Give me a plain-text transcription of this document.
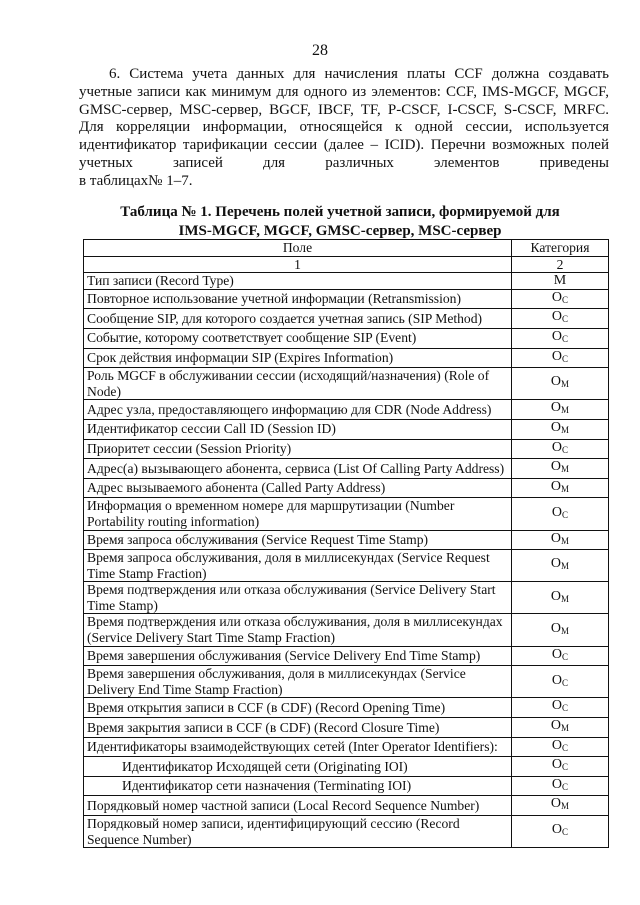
28
6. Система учета данных для начисления платы CCF должна создавать
учетные записи как минимум для одного из элементов: CCF, IMS-MGCF, MGCF,
GMSC-сервер, MSC-сервер, BGCF, IBCF, TF, P-CSCF, I-CSCF, S-CSCF, MRFC.
Для корреляции информации, относящейся к одной сессии, используется
идентификатор тарификации сессии (далее – ICID). Перечни возможных полей
учетных записей для различных элементов приведены
в таблицах№ 1–7.
Таблица № 1. Перечень полей учетной записи, формируемой для
IMS-MGCF, MGCF, GMSC-сервер, MSC-сервер
Поле	Категория
1	2
Тип записи (Record Type)	M
Повторное использование учетной информации (Retransmission)	$O_C$
Сообщение SIP, для которого создается учетная запись (SIP Method)	$O_C$
Событие, которому соответствует сообщение SIP (Event)	$O_C$
Срок действия информации SIP (Expires Information)	$O_C$
Роль MGCF в обслуживании сессии (исходящий/назначения) (Role of Node)	$O_M$
Адрес узла, предоставляющего информацию для CDR (Node Address)	$O_M$
Идентификатор сессии Call ID (Session ID)	$O_M$
Приоритет сессии (Session Priority)	$O_C$
Адрес(а) вызывающего абонента, сервиса (List Of Calling Party Address)	$O_M$
Адрес вызываемого абонента (Called Party Address)	$O_M$
Информация о временном номере для маршрутизации (Number Portability routing information)	$O_C$
Время запроса обслуживания (Service Request Time Stamp)	$O_M$
Время запроса обслуживания, доля в миллисекундах (Service Request Time Stamp Fraction)	$O_M$
Время подтверждения или отказа обслуживания (Service Delivery Start Time Stamp)	$O_M$
Время подтверждения или отказа обслуживания, доля в миллисекундах (Service Delivery Start Time Stamp Fraction)	$O_M$
Время завершения обслуживания (Service Delivery End Time Stamp)	$O_C$
Время завершения обслуживания, доля в миллисекундах (Service Delivery End Time Stamp Fraction)	$O_C$
Время открытия записи в CCF (в CDF) (Record Opening Time)	$O_C$
Время закрытия записи в CCF (в CDF) (Record Closure Time)	$O_M$
Идентификаторы взаимодействующих сетей (Inter Operator Identifiers):	$O_C$
Идентификатор Исходящей сети (Originating IOI)	$O_C$
Идентификатор сети назначения (Terminating IOI)	$O_C$
Порядковый номер частной записи (Local Record Sequence Number)	$O_M$
Порядковый номер записи, идентифицирующий сессию (Record Sequence Number)	$O_C$
